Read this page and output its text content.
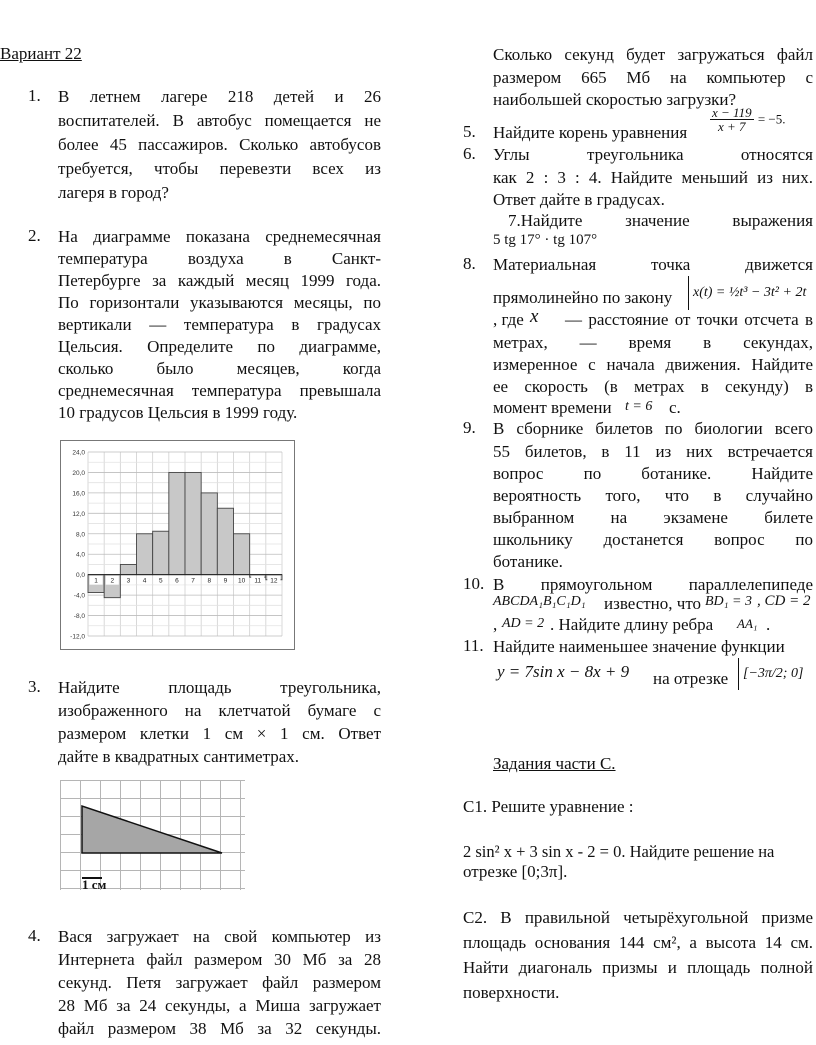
Вариант 22
1. В летнем лагере 218 детей и 26
воспитателей. В автобус помещается не
более 45 пассажиров. Сколько автобусов
требуется, чтобы перевезти всех из
лагеря в город?
2. На диаграмме показана среднемесячная
температура воздуха в Санкт-
Петербурге за каждый месяц 1999 года.
По горизонтали указываются месяцы, по
вертикали — температура в градусах
Цельсия. Определите по диаграмме,
сколько было месяцев, когда
среднемесячная температура превышала
10 градусов Цельсия в 1999 году.
24,0
20,0
16,0
12,0
8,0
4,0
0,0
-4,0
-8,0
-12,0
1 2 3 4 5 6 7 8 9 10 11 12
3. Найдите площадь треугольника,
изображенного на клетчатой бумаге с
размером клетки 1 см × 1 см. Ответ
дайте в квадратных сантиметрах.
1 см
4. Вася загружает на свой компьютер из
Интернета файл размером 30 Мб за 28
секунд. Петя загружает файл размером
28 Мб за 24 секунды, а Миша загружает
файл размером 38 Мб за 32 секунды.
Сколько секунд будет загружаться файл
размером 665 Мб на компьютер с
наибольшей скоростью загрузки?
5. Найдите корень уравнения $\frac{x - 119}{x + 7} = -5$.
6. Углы треугольника относятся
как 2 : 3 : 4. Найдите меньший из них.
Ответ дайте в градусах.
7.Найдите значение выражения
5 tg 17° · tg 107°
8. Материальная точка движется
прямолинейно по закону	x(t) = ½t³ − 3t² + 2t
, где x — расстояние от точки отсчета в
метрах, — время в секундах,
измеренное с начала движения. Найдите
ее скорость (в метрах в секунду) в
момент времени t = 6 с.
9. В сборнике билетов по биологии всего
55 билетов, в 11 из них встречается
вопрос по ботанике. Найдите
вероятность того, что в случайно
выбранном на экзамене билете
школьнику достанется вопрос по
ботанике.
10. В прямоугольном параллелепипеде
ABCDA₁B₁C₁D₁ известно, что BD₁ = 3 , CD = 2
, AD = 2 . Найдите длину ребра AA₁ .
11. Найдите наименьшее значение функции
y = 7sin x − 8x + 9 на отрезке	[−3π/2; 0]
Задания части С.
С1. Решите уравнение :
2 sin² x + 3 sin x - 2 = 0. Найдите решение на
отрезке [0;3π].
С2. В правильной четырёхугольной призме
площадь основания 144 см², а высота 14 см.
Найти диагональ призмы и площадь полной
поверхности.
